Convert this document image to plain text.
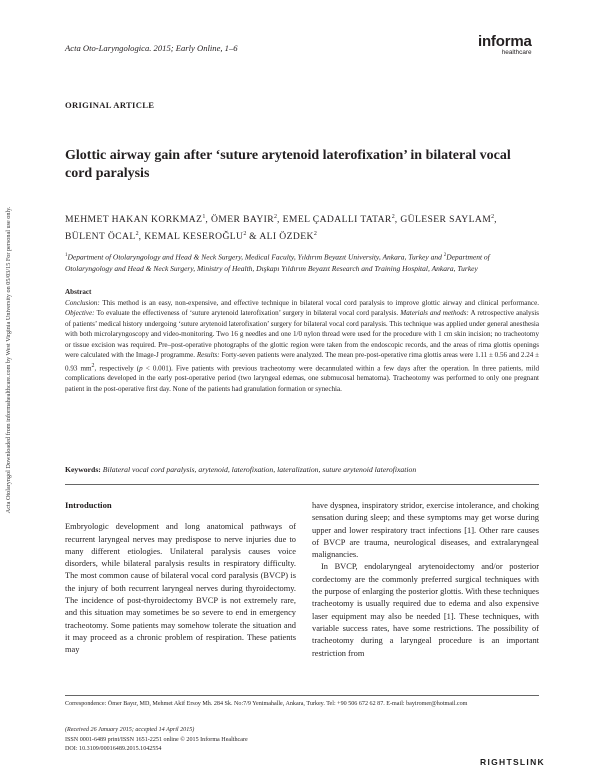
Acta Otolaryngol Downloaded from informahealthcare.com by West Virginia University on 05/03/15 For personal use only.
Acta Oto-Laryngologica. 2015; Early Online, 1–6	informa
healthcare
ORIGINAL ARTICLE
Glottic airway gain after ‘suture arytenoid laterofixation’ in bilateral vocal cord paralysis
MEHMET HAKAN KORKMAZ$^1$, ÖMER BAYIR$^2$, EMEL ÇADALLI TATAR$^2$, GÜLESER SAYLAM$^2$, BÜLENT ÖCAL$^2$, KEMAL KESEROĞLU$^2$ & ALI ÖZDEK$^2$
$^1$Department of Otolaryngology and Head & Neck Surgery, Medical Faculty, Yıldırım Beyazıt University, Ankara, Turkey and $^2$Department of Otolaryngology and Head & Neck Surgery, Ministry of Health, Dışkapı Yıldırım Beyazıt Research and Training Hospital, Ankara, Turkey
Abstract
Conclusion: This method is an easy, non-expensive, and effective technique in bilateral vocal cord paralysis to improve glottic airway and clinical performance. Objective: To evaluate the effectiveness of ‘suture arytenoid laterofixation’ surgery in bilateral vocal cord paralysis. Materials and methods: A retrospective analysis of patients’ medical history undergoing ‘suture arytenoid laterofixation’ surgery for bilateral vocal cord paralysis. This technique was applied under general anesthesia with both microlaryngoscopy and video-monitoring. Two 16 g needles and one 1/0 nylon thread were used for the procedure with 1 cm skin incision; no tracheotomy or tissue excision was required. Pre–post-operative photographs of the glottic region were taken from the endoscopic records, and the areas of rima glottis openings were calculated with the Image-J programme. Results: Forty-seven patients were analyzed. The mean pre-post-operative rima glottis areas were 1.11 ± 0.56 and 2.24 ± 0.93 $mm^2$, respectively (p < 0.001). Five patients with previous tracheotomy were decannulated within a few days after the operation. In three patients, mild complications developed in the early post-operative period (two laryngeal edemas, one submucosal hematoma). Tracheotomy was performed to only one pregnant patient in the post-operative first day. None of the patients had granulation formation or synechia.
Keywords: Bilateral vocal cord paralysis, arytenoid, laterofixation, lateralization, suture arytenoid laterofixation
Introduction

Embryologic development and long anatomical pathways of recurrent laryngeal nerves may predispose to nerve injuries due to many different etiologies. Unilateral paralysis causes voice disorders, while bilateral paralysis results in respiratory difficulty. The most common cause of bilateral vocal cord paralysis (BVCP) is the injury of both recurrent laryngeal nerves during thyroidectomy. The incidence of post-thyroidectomy BVCP is not extremely rare, and this situation may sometimes be so severe to end in emergency tracheotomy. Some patients may somehow tolerate the situation and it may proceed as a chronic problem of respiration. These patients may

have dyspnea, inspiratory stridor, exercise intolerance, and choking sensation during sleep; and these symptoms may get worse during upper and lower respiratory tract infections [1]. Other rare causes of BVCP are trauma, neurological diseases, and extralaryngeal malignancies.

In BVCP, endolaryngeal arytenoidectomy and/or posterior cordectomy are the commonly preferred surgical techniques with the purpose of enlarging the posterior glottis. With these techniques tracheotomy is usually required due to edema and also expensive laser equipment may also be needed [1]. These techniques, with variable success rates, have some restrictions. The possibility of tracheotomy during a laryngeal procedure is an important restriction from

Correspondence: Ömer Bayır, MD, Mehmet Akif Ersoy Mh. 284 Sk. No:7/9 Yenimahalle, Ankara, Turkey. Tel: +90 506 672 62 87. E-mail: bayiromer@hotmail.com
(Received 26 January 2015; accepted 14 April 2015)
ISSN 0001-6489 print/ISSN 1651-2251 online © 2015 Informa Healthcare
DOI: 10.3109/00016489.2015.1042554
RIGHTSLINK
